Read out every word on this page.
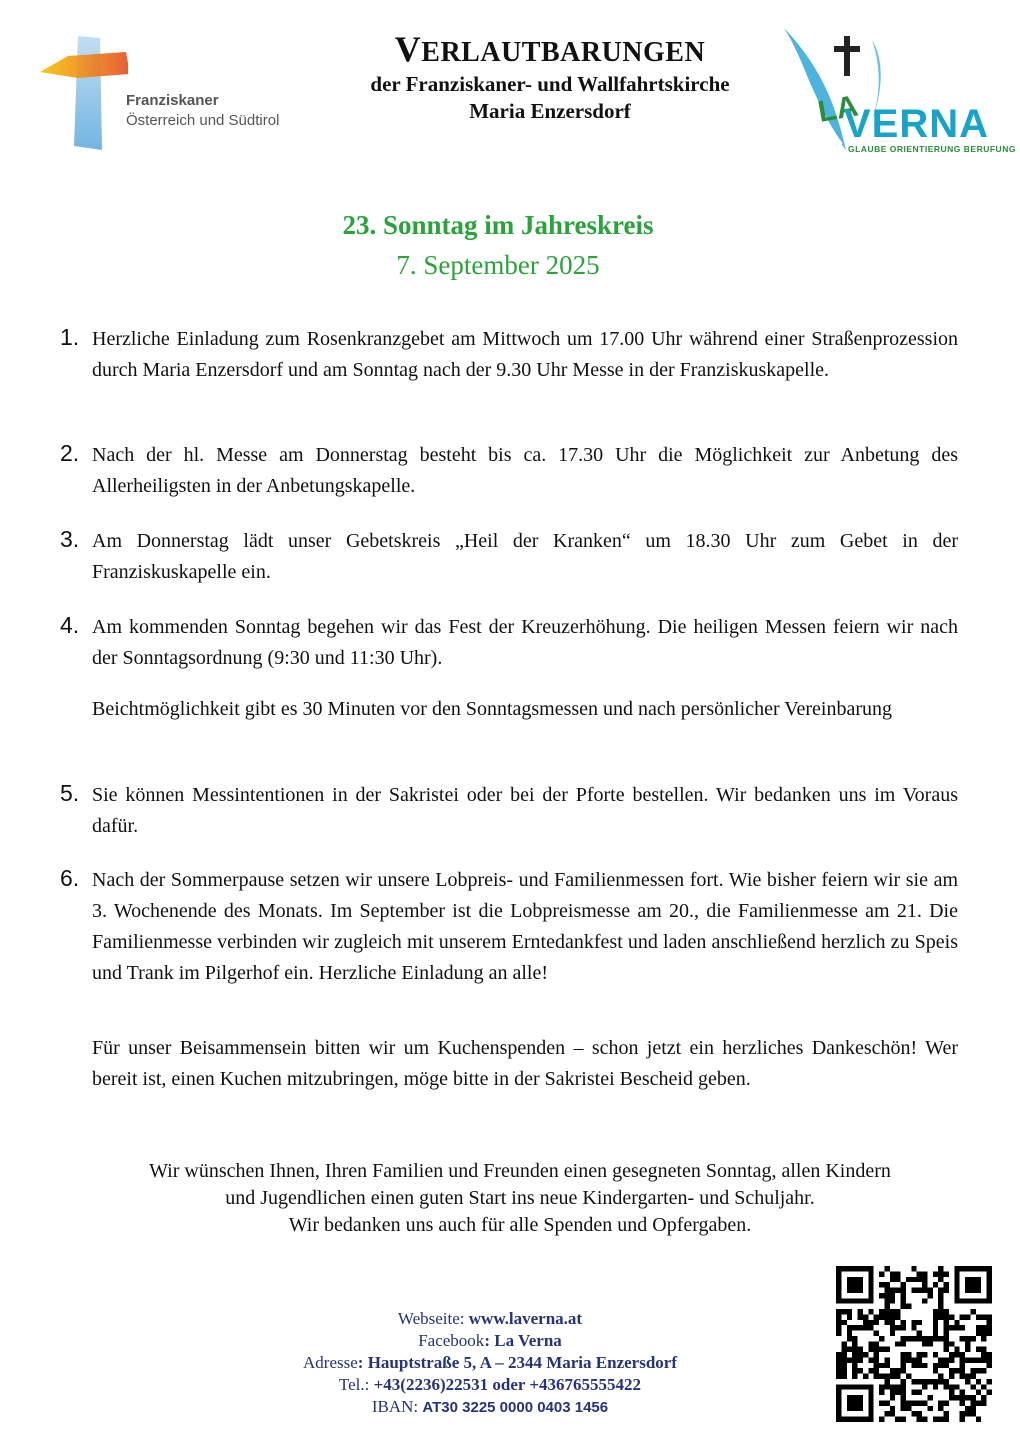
Franziskaner
Österreich und Südtirol
VERLAUTBARUNGEN
der Franziskaner- und Wallfahrtskirche
Maria Enzersdorf	LA
VERNA
GLAUBE ORIENTIERUNG BERUFUNG
23. Sonntag im Jahreskreis
7. September 2025
1. Herzliche Einladung zum Rosenkranzgebet am Mittwoch um 17.00 Uhr während einer Straßenprozession durch Maria Enzersdorf und am Sonntag nach der 9.30 Uhr Messe in der Franziskuskapelle.
2. Nach der hl. Messe am Donnerstag besteht bis ca. 17.30 Uhr die Möglichkeit zur Anbetung des Allerheiligsten in der Anbetungskapelle.
3. Am Donnerstag lädt unser Gebetskreis „Heil der Kranken“ um 18.30 Uhr zum Gebet in der Franziskuskapelle ein.
4. Am kommenden Sonntag begehen wir das Fest der Kreuzerhöhung. Die heiligen Messen feiern wir nach der Sonntagsordnung (9:30 und 11:30 Uhr).
Beichtmöglichkeit gibt es 30 Minuten vor den Sonntagsmessen und nach persönlicher Vereinbarung
5. Sie können Messintentionen in der Sakristei oder bei der Pforte bestellen. Wir bedanken uns im Voraus dafür.
6. Nach der Sommerpause setzen wir unsere Lobpreis- und Familienmessen fort. Wie bisher feiern wir sie am 3. Wochenende des Monats. Im September ist die Lobpreismesse am 20., die Familienmesse am 21. Die Familienmesse verbinden wir zugleich mit unserem Erntedankfest und laden anschließend herzlich zu Speis und Trank im Pilgerhof ein. Herzliche Einladung an alle!
Für unser Beisammensein bitten wir um Kuchenspenden – schon jetzt ein herzliches Dankeschön! Wer bereit ist, einen Kuchen mitzubringen, möge bitte in der Sakristei Bescheid geben.
Wir wünschen Ihnen, Ihren Familien und Freunden einen gesegneten Sonntag, allen Kindern
und Jugendlichen einen guten Start ins neue Kindergarten- und Schuljahr.
Wir bedanken uns auch für alle Spenden und Opfergaben.
Webseite: www.laverna.at
Facebook: La Verna
Adresse: Hauptstraße 5, A – 2344 Maria Enzersdorf
Tel.: +43(2236)22531 oder +436765555422
IBAN: AT30 3225 0000 0403 1456
